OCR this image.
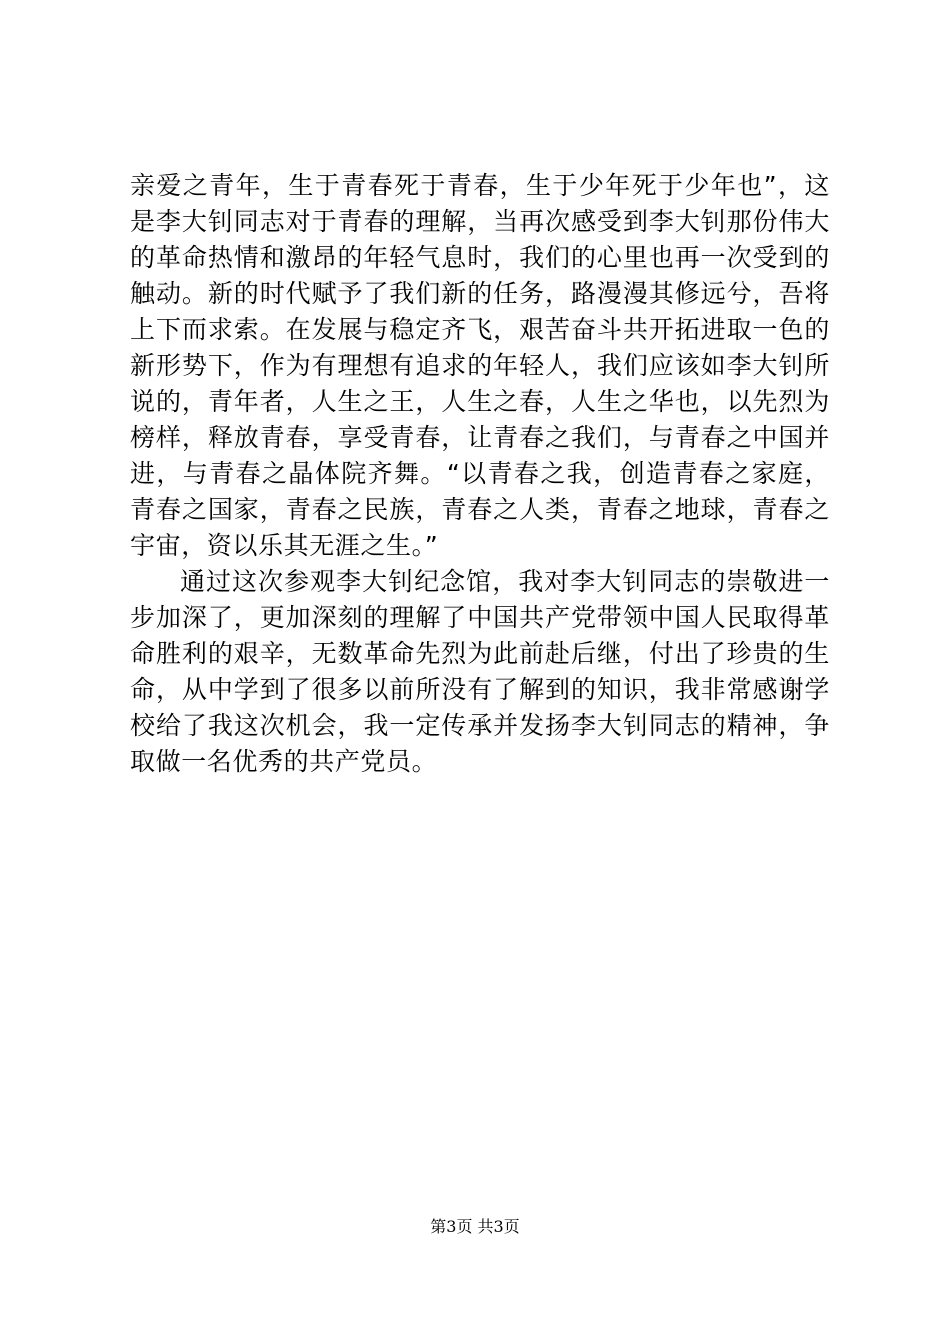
亲爱之青年，生于青春死于青春，生于少年死于少年也”，这是李大钊同志对于青春的理解，当再次感受到李大钊那份伟大的革命热情和激昂的年轻气息时，我们的心里也再一次受到的触动。新的时代赋予了我们新的任务，路漫漫其修远兮，吾将上下而求索。在发展与稳定齐飞，艰苦奋斗共开拓进取一色的新形势下，作为有理想有追求的年轻人，我们应该如李大钊所说的，青年者，人生之王，人生之春，人生之华也，以先烈为榜样，释放青春，享受青春，让青春之我们，与青春之中国并进，与青春之晶体院齐舞。“以青春之我，创造青春之家庭，青春之国家，青春之民族，青春之人类，青春之地球，青春之宇宙，资以乐其无涯之生。”

通过这次参观李大钊纪念馆，我对李大钊同志的崇敬进一步加深了，更加深刻的理解了中国共产党带领中国人民取得革命胜利的艰辛，无数革命先烈为此前赴后继，付出了珍贵的生命，从中学到了很多以前所没有了解到的知识，我非常感谢学校给了我这次机会，我一定传承并发扬李大钊同志的精神，争取做一名优秀的共产党员。

第3页 共3页
